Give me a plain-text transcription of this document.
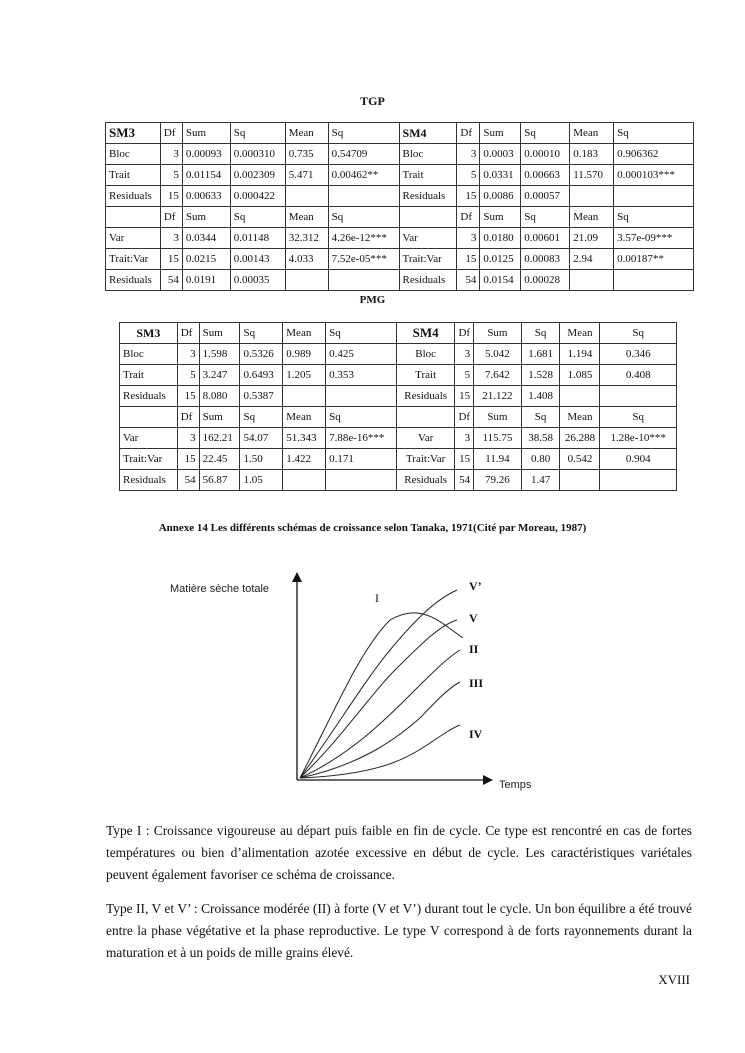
TGP
SM3	Df	Sum	Sq	Mean	Sq	SM4	Df	Sum	Sq	Mean	Sq
Bloc	3	0.00093	0.000310	0.735	0.54709	Bloc	3	0.0003	0.00010	0.183	0.906362
Trait	5	0.01154	0.002309	5.471	0.00462**	Trait	5	0.0331	0.00663	11.570	0.000103***
Residuals	15	0.00633	0.000422			Residuals	15	0.0086	0.00057		
	Df	Sum	Sq	Mean	Sq		Df	Sum	Sq	Mean	Sq
Var	3	0.0344	0.01148	32.312	4.26e-12***	Var	3	0.0180	0.00601	21.09	3.57e-09***
Trait:Var	15	0.0215	0.00143	4.033	7.52e-05***	Trait:Var	15	0.0125	0.00083	2.94	0.00187**
Residuals	54	0.0191	0.00035			Residuals	54	0.0154	0.00028		
PMG
SM3	Df	Sum	Sq	Mean	Sq	SM4	Df	Sum	Sq	Mean	Sq
Bloc	3	1.598	0.5326	0.989	0.425	Bloc	3	5.042	1.681	1.194	0.346
Trait	5	3.247	0.6493	1.205	0.353	Trait	5	7.642	1.528	1.085	0.408
Residuals	15	8.080	0.5387			Residuals	15	21.122	1.408		
	Df	Sum	Sq	Mean	Sq		Df	Sum	Sq	Mean	Sq
Var	3	162.21	54.07	51.343	7.88e-16***	Var	3	115.75	38.58	26.288	1.28e-10***
Trait:Var	15	22.45	1.50	1.422	0.171	Trait:Var	15	11.94	0.80	0.542	0.904
Residuals	54	56.87	1.05			Residuals	54	79.26	1.47		
Annexe 14 Les différents schémas de croissance selon Tanaka, 1971(Cité par Moreau, 1987)
Matière sèche totale
Temps
I
V’
V
II
III
IV

Type I : Croissance vigoureuse au départ puis faible en fin de cycle. Ce type est rencontré en cas de fortes températures ou bien d’alimentation azotée excessive en début de cycle. Les caractéristiques variétales peuvent également favoriser ce schéma de croissance.

Type II, V et V’ : Croissance modérée (II) à forte (V et V’) durant tout le cycle. Un bon équilibre a été trouvé entre la phase végétative et la phase reproductive. Le type V correspond à de forts rayonnements durant la maturation et à un poids de mille grains élevé.

XVIII
